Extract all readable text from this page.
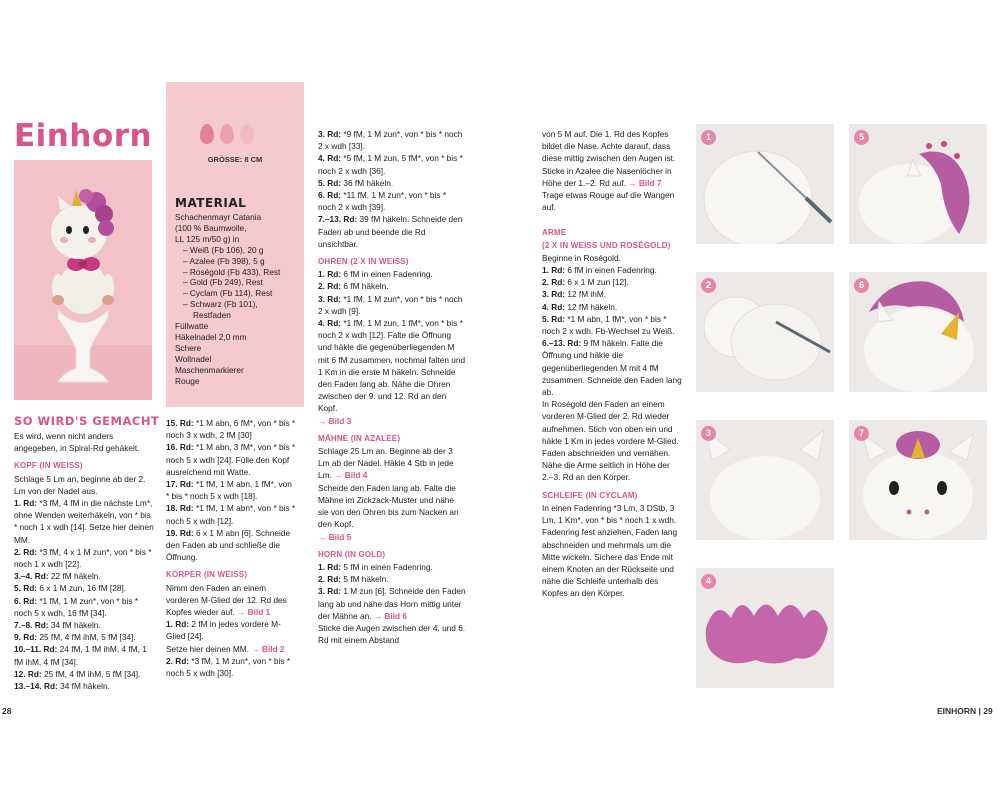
Einhorn
GRÖSSE: 8 CM
MATERIAL
Schachenmayr Catania
(100 % Baumwolle,
LL 125 m/50 g) in
– Weiß (Fb 106), 20 g
– Azalee (Fb 398), 5 g
– Roségold (Fb 433), Rest
– Gold (Fb 249), Rest
– Cyclam (Fb 114), Rest
– Schwarz (Fb 101),
Restfaden
Füllwatte
Häkelnadel 2,0 mm
Schere
Wollnadel
Maschenmarkierer
Rouge
SO WIRD'S GEMACHT

Es wird, wenn nicht anders angegeben, in Spiral-Rd gehäkelt.

KOPF (IN WEISS)

Schlage 5 Lm an, beginne ab der 2. Lm von der Nadel aus.

1. Rd: *3 fM, 4 fM in die nächste Lm*, ohne Wenden weiterhäkeln, von * bis * noch 1 x wdh [14]. Setze hier deinen MM.

2. Rd: *3 fM, 4 x 1 M zun*, von * bis * noch 1 x wdh [22].

3.–4. Rd: 22 fM häkeln.

5. Rd: 6 x 1 M zun, 16 fM [28].

6. Rd: *1 fM, 1 M zun*, von * bis * noch 5 x wdh, 16 fM [34].

7.–8. Rd: 34 fM häkeln.

9. Rd: 25 fM, 4 fM ihM, 5 fM [34].

10.–11. Rd: 24 fM, 1 fM ihM, 4 fM, 1 fM ihM, 4 fM [34].

12. Rd: 25 fM, 4 fM ihM, 5 fM [34].

13.–14. Rd: 34 fM häkeln.

15. Rd: *1 M abn, 6 fM*, von * bis * noch 3 x wdh, 2 fM [30]

16. Rd: *1 M abn, 3 fM*, von * bis * noch 5 x wdh [24]. Fülle den Kopf ausreichend mit Watte.

17. Rd: *1 fM, 1 M abn, 1 fM*, von * bis * noch 5 x wdh [18].

18. Rd: *1 fM, 1 M abn*, von * bis * noch 5 x wdh [12].

19. Rd: 6 x 1 M abn [6]. Schneide den Faden ab und schließe die Öffnung.

KÖRPER (IN WEISS)

Nimm den Faden an einem vorderen M-Glied der 12. Rd des Kopfes wieder auf. → Bild 1

1. Rd: 2 fM in jedes vordere M-Glied [24].

Setze hier deinen MM. → Bild 2

2. Rd: *3 fM, 1 M zun*, von * bis * noch 5 x wdh [30].

3. Rd: *9 fM, 1 M zun*, von * bis * noch 2 x wdh [33].

4. Rd: *5 fM, 1 M zun, 5 fM*, von * bis * noch 2 x wdh [36].

5. Rd: 36 fM häkeln.

6. Rd: *11 fM, 1 M zun*, von * bis * noch 2 x wdh [39].

7.–13. Rd: 39 fM häkeln. Schneide den Faden ab und beende die Rd unsichtbar.

OHREN (2 X IN WEISS)

1. Rd: 6 fM in einen Fadenring.

2. Rd: 6 fM häkeln.

3. Rd: *1 fM, 1 M zun*, von * bis * noch 2 x wdh [9].

4. Rd: *1 fM, 1 M zun, 1 fM*, von * bis * noch 2 x wdh [12]. Falte die Öffnung und häkle die gegenüberliegenden M mit 6 fM zusammen, nochmal falten und 1 Km in die erste M häkeln. Schneide den Faden lang ab. Nähe die Ohren zwischen der 9. und 12. Rd an den Kopf.

→ Bild 3

MÄHNE (IN AZALEE)

Schlage 25 Lm an. Beginne ab der 3 Lm ab der Nadel. Häkle 4 Stb in jede Lm. → Bild 4

Scheide den Faden lang ab. Falte die Mähne im Zickzack-Muster und nähe sie von den Ohren bis zum Nacken an den Kopf.

→ Bild 5

HORN (IN GOLD)

1. Rd: 5 fM in einen Fadenring.

2. Rd: 5 fM häkeln.

3. Rd: 1 M zun [6]. Schneide den Faden lang ab und nähe das Horn mittig unter der Mähne an. → Bild 6

Sticke die Augen zwischen der 4. und 6. Rd mit einem Abstand

von 5 M auf. Die 1. Rd des Kopfes bildet die Nase. Achte darauf, dass diese mittig zwischen den Augen ist. Sticke in Azalee die Nasenlöcher in Höhe der 1.–2. Rd auf. → Bild 7

Trage etwas Rouge auf die Wangen auf.

ARME

(2 X IN WEISS UND ROSÉGOLD)

Beginne in Roségold.

1. Rd: 6 fM in einen Fadenring.

2. Rd: 6 x 1 M zun [12].

3. Rd: 12 fM ihM.

4. Rd: 12 fM häkeln.

5. Rd: *1 M abn, 1 fM*, von * bis * noch 2 x wdh. Fb-Wechsel zu Weiß.

6.–13. Rd: 9 fM häkeln. Falte die Öffnung und häkle die gegenüberliegenden M mit 4 fM zusammen. Schneide den Faden lang ab.

In Roségold den Faden an einem vorderen M-Glied der 2. Rd wieder aufnehmen. Stich von oben ein und häkle 1 Km in jedes vordere M-Glied. Faden abschneiden und vernähen. Nähe die Arme seitlich in Höhe der 2.–3. Rd an den Körper.

SCHLEIFE (IN CYCLAM)

In einen Fadenring *3 Lm, 3 DStb, 3 Lm, 1 Km*, von * bis * noch 1 x wdh. Fadenring fest anziehen, Faden lang abschneiden und mehrmals um die Mitte wickeln. Sichere das Ende mit einem Knoten an der Rückseite und nähe die Schleife unterhalb des Kopfes an den Körper.

1	5
2	6
3	7
4
28	EINHORN | 29
